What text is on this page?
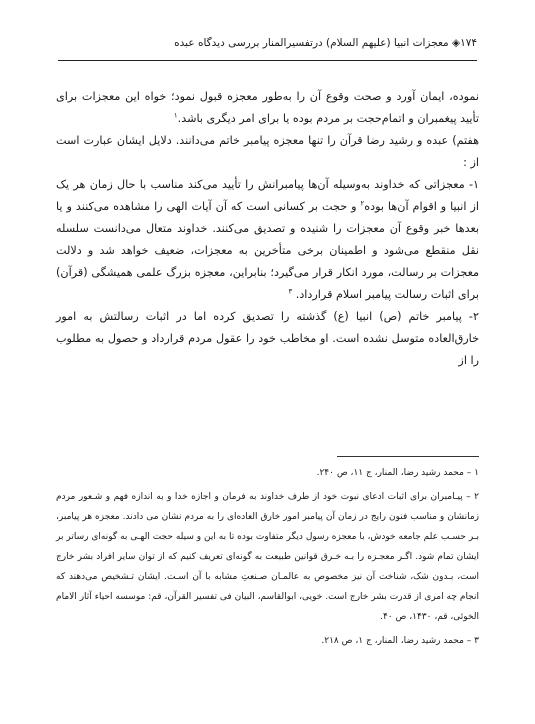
۱۷۴◈ معجزات انبیا (علیهم السلام) درتفسیرالمنار بررسی دیدگاه عبده

نموده، ایمان آورد و صحت وقوع آن را به‌طور معجزه قبول نمود؛ خواه این معجزات برای تأیید پیغمبران و اتمام‌حجت بر مردم بوده یا برای امر دیگری باشد.$^۱$

هفتم) عبده و رشید رضا قرآن را تنها معجزه پیامبر خاتم می‌دانند. دلایل ایشان عبارت است از :

۱- معجزاتی که خداوند به‌وسیله آن‌ها پیامبرانش را تأیید می‌کند مناسب با حال زمان هر یک از انبیا و اقوام آن‌ها بوده$^۲$ و حجت بر کسانی است که آن آیات الهی را مشاهده می‌کنند و یا بعدها خبر وقوع آن معجزات را شنیده و تصدیق می‌کنند. خداوند متعال می‌دانست سلسله نقل منقطع می‌شود و اطمینان برخی متأخرین به معجزات، ضعیف خواهد شد و دلالت معجزات بر رسالت، مورد انکار قرار می‌گیرد؛ بنابراین، معجزه بزرگ علمی همیشگی (قرآن) برای اثبات رسالت پیامبر اسلام قرارداد. $^۳$

۲- پیامبر خاتم (ص) انبیا (ع) گذشته را تصدیق کرده اما در اثبات رسالتش به امور خارق‌العاده متوسل نشده است. او مخاطب خود را عقول مردم قرارداد و حصول به مطلوب را از

۱ – محمد رشید رضا، المنار، ج ۱۱، ص ۲۴۰.

۲ – پیـامبران برای اثبات ادعای نبوت خود از طرف خداوند به فرمان و اجازه خدا و به اندازه فهم و شـعور مردم زمانشان و مناسب فنون رایج در زمان آن پیامبر امور خارق العاده‌ای را به مردم نشان می دادند. معجزه هر پیامبر، بـر حسـب علم جامعه خودش، با معجزه رسول دیگر متفاوت بوده تا به این و سیله حجت الهـی به گونه‌ای رساتر بر ایشان تمام شود. اگـر معجـزه را بـه خـرق قوانین طبیعت به گونه‌ای تعریف کنیم که از توان سایر افراد بشر خارج است، بـدون شک، شناخت آن نیز مخصوص به عالمـان صـنعتِ مشابه با آن اسـت. ایشان تـشخیص می‌دهند که انجام چه امری از قدرت بشر خارج است. خویی، ابوالقاسم، البیان فی تفسیر القرآن، قم: موسسه احیاء آثار الامام الخوئی، قم، ۱۴۳۰، ص ۴۰.

۳ – محمد رشید رضا، المنار، ج ۱، ص ۲۱۸.
